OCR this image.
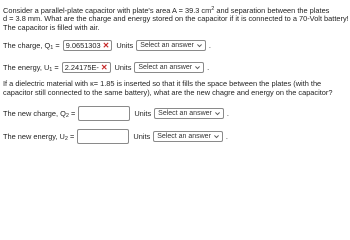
Consider a parallel-plate capacitor with plate's area A = 39.3 $cm^2$ and separation between the plates

d = 3.8 mm. What are the charge and energy stored on the capacitor if it is connected to a 70-Volt battery!

The capacitor is filled with air.

The charge, Q1 = 9.0651303 ✕ Units Select an answer .
The energy, U1 = 2.24175E- ✕ Units Select an answer .

If a dielectric material with κ= 1.85 is inserted so that it fills the space between the plates (with the

capacitor still connected to the same battery), what are the new chagre and energy on the capacitor?

The new charge, Q2 =	Units Select an answer .
The new energy, U2 =	Units Select an answer .
